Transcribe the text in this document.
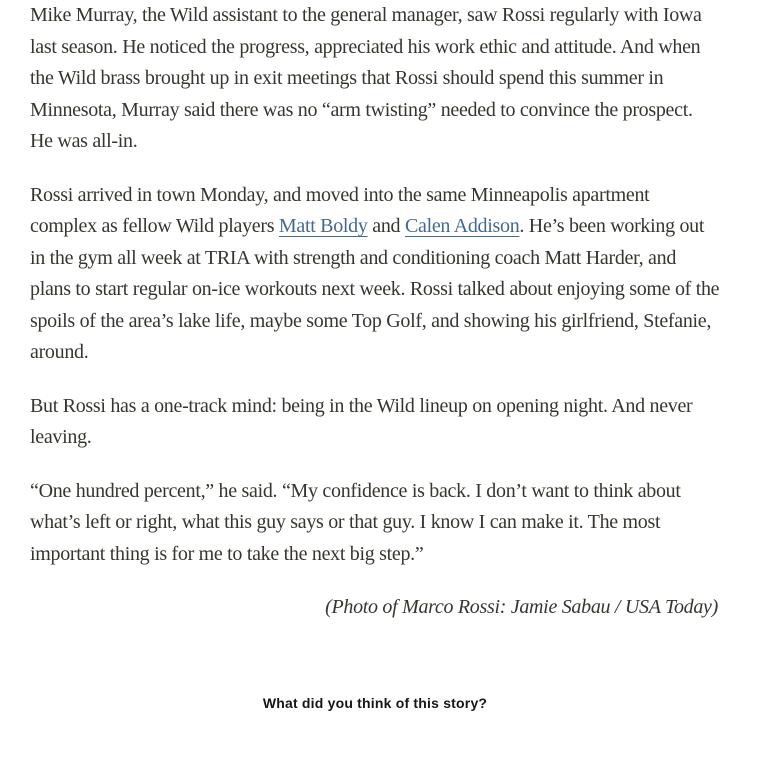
Mike Murray, the Wild assistant to the general manager, saw Rossi regularly with Iowa last season. He noticed the progress, appreciated his work ethic and attitude. And when the Wild brass brought up in exit meetings that Rossi should spend this summer in Minnesota, Murray said there was no “arm twisting” needed to convince the prospect. He was all-in.

Rossi arrived in town Monday, and moved into the same Minneapolis apartment complex as fellow Wild players Matt Boldy and Calen Addison. He’s been working out in the gym all week at TRIA with strength and conditioning coach Matt Harder, and plans to start regular on-ice workouts next week. Rossi talked about enjoying some of the spoils of the area’s lake life, maybe some Top Golf, and showing his girlfriend, Stefanie, around.

But Rossi has a one-track mind: being in the Wild lineup on opening night. And never leaving.

“One hundred percent,” he said. “My confidence is back. I don’t want to think about what’s left or right, what this guy says or that guy. I know I can make it. The most important thing is for me to take the next big step.”

(Photo of Marco Rossi: Jamie Sabau / USA Today)

What did you think of this story?
